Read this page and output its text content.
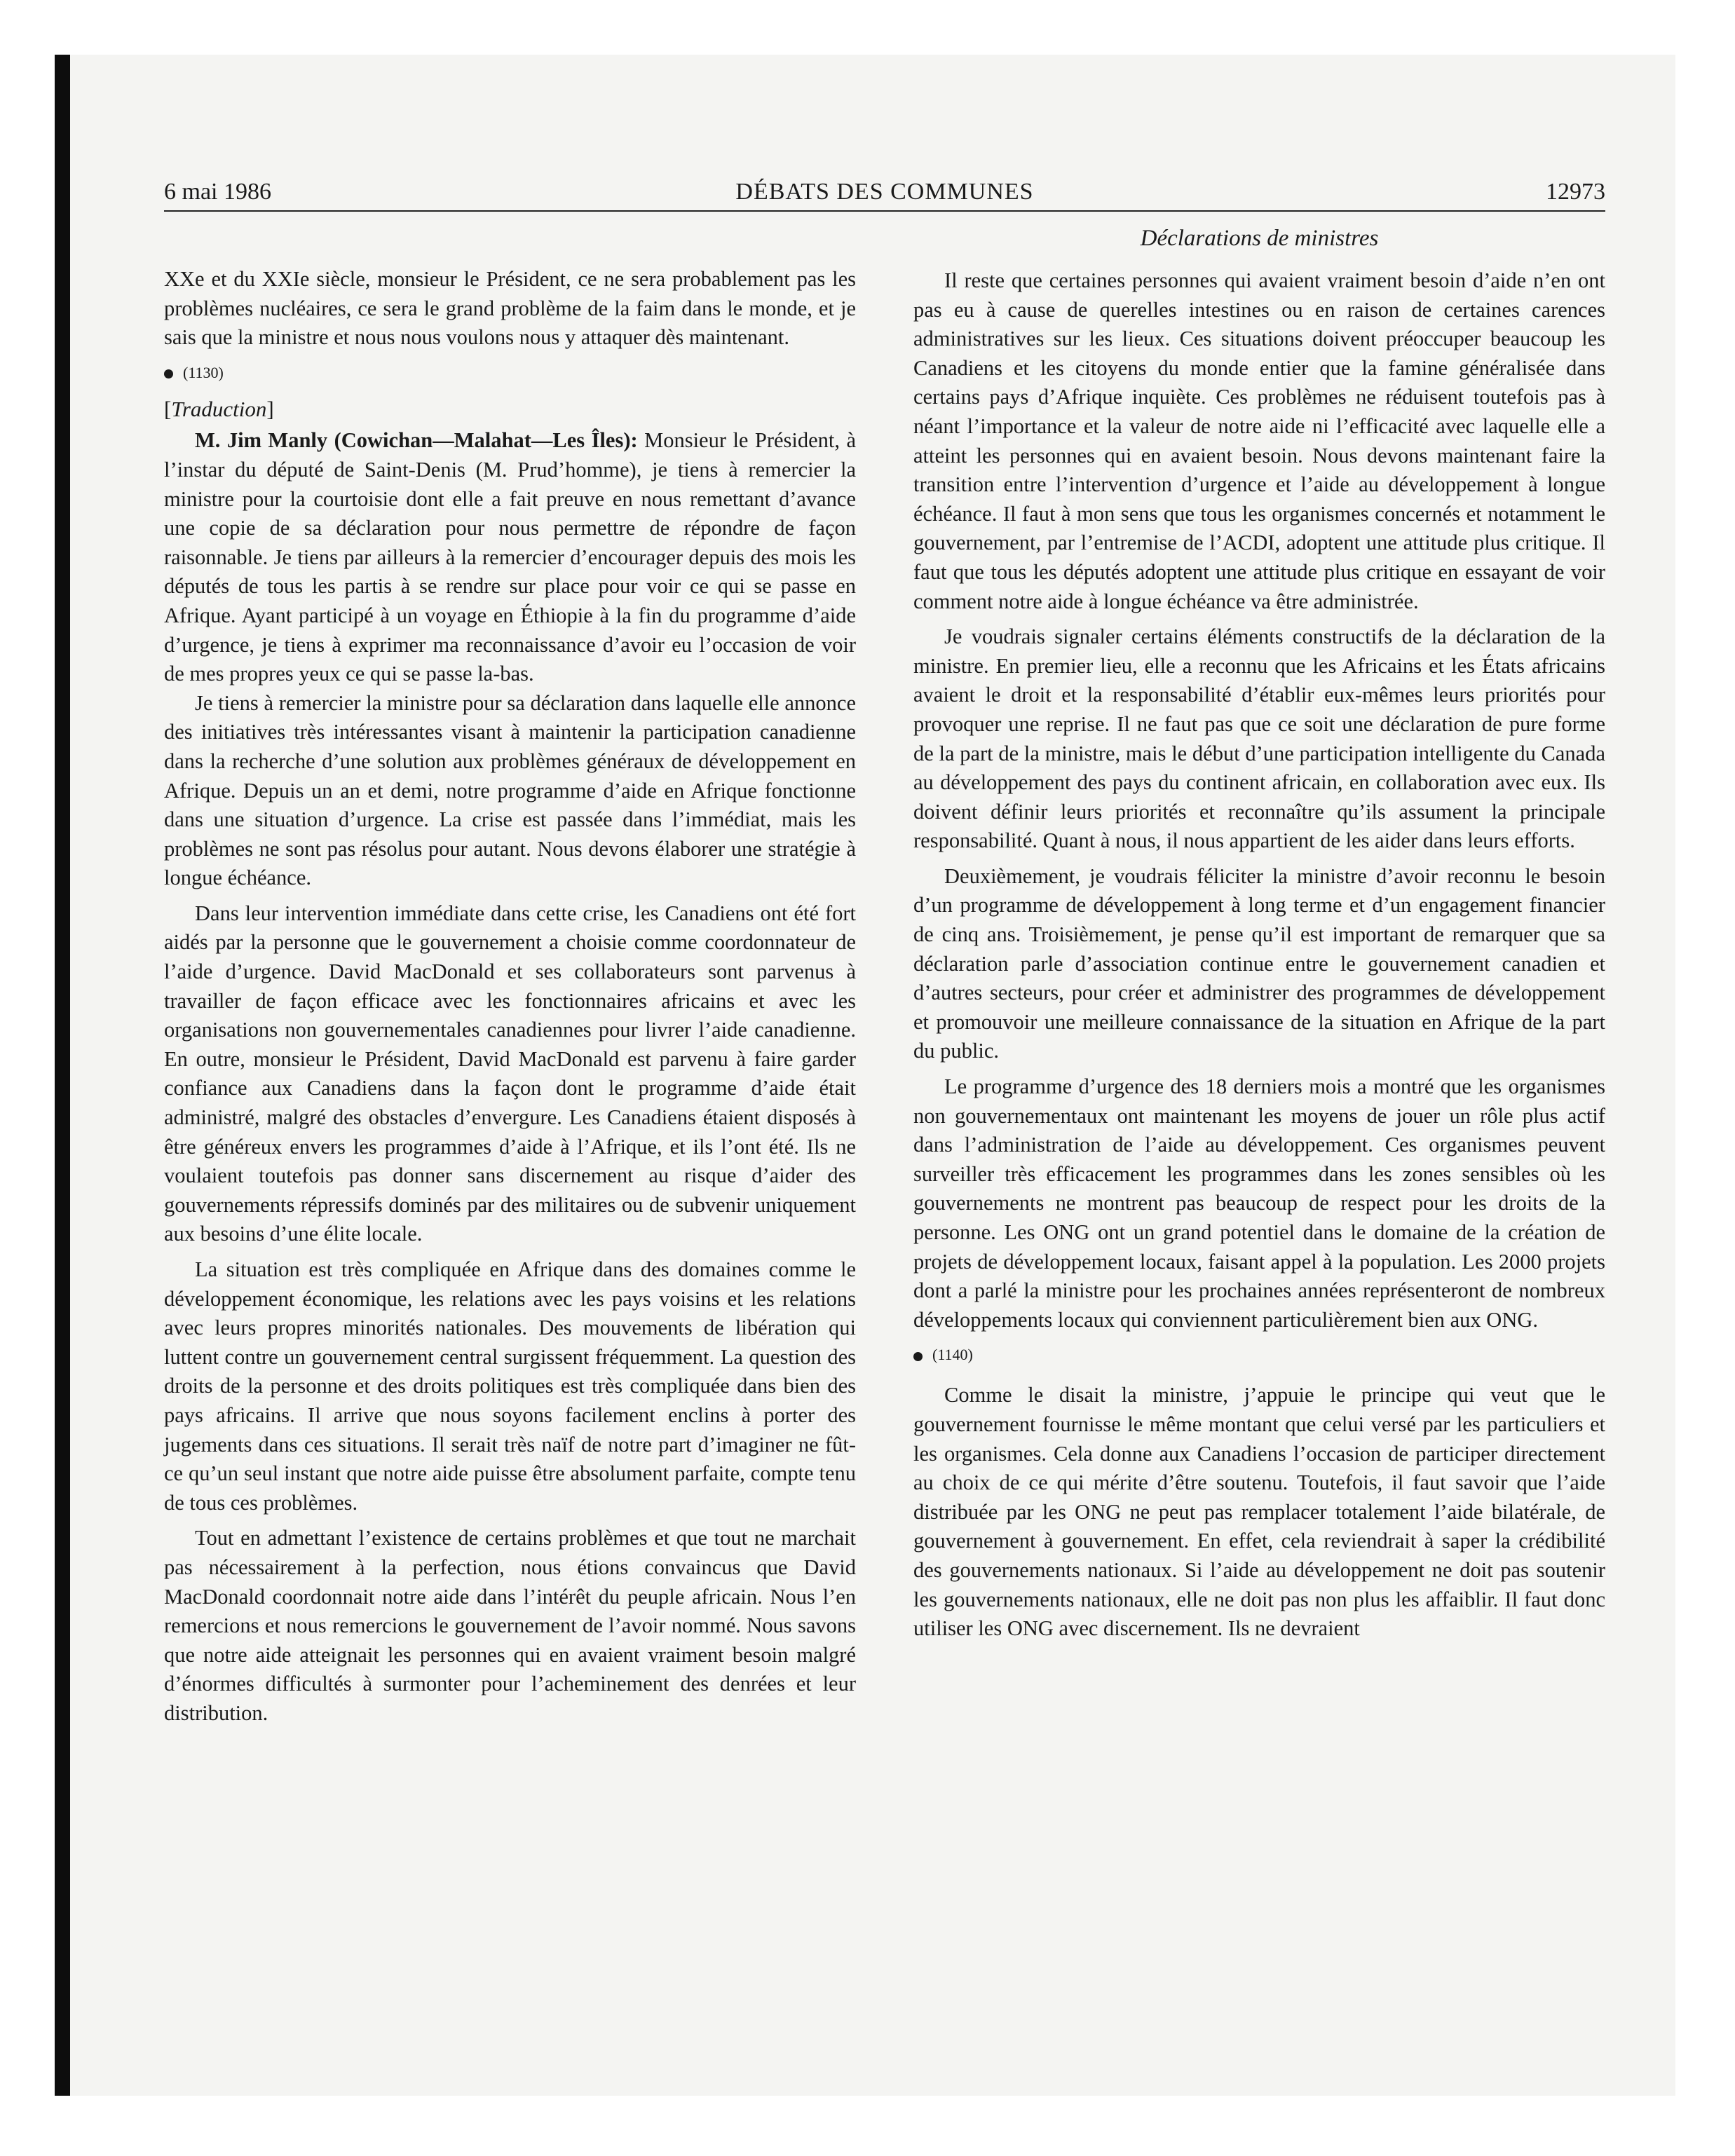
6 mai 1986	DÉBATS DES COMMUNES	12973
Déclarations de ministres

XXe et du XXIe siècle, monsieur le Président, ce ne sera probablement pas les problèmes nucléaires, ce sera le grand problème de la faim dans le monde, et je sais que la ministre et nous nous voulons nous y attaquer dès maintenant.

(1130)
[Traduction]

M. Jim Manly (Cowichan—Malahat—Les Îles): Monsieur le Président, à l’instar du député de Saint-Denis (M. Prud’homme), je tiens à remercier la ministre pour la courtoisie dont elle a fait preuve en nous remettant d’avance une copie de sa déclaration pour nous permettre de répondre de façon raisonnable. Je tiens par ailleurs à la remercier d’encourager depuis des mois les députés de tous les partis à se rendre sur place pour voir ce qui se passe en Afrique. Ayant participé à un voyage en Éthiopie à la fin du programme d’aide d’urgence, je tiens à exprimer ma reconnaissance d’avoir eu l’occasion de voir de mes propres yeux ce qui se passe la-bas.

Je tiens à remercier la ministre pour sa déclaration dans laquelle elle annonce des initiatives très intéressantes visant à maintenir la participation canadienne dans la recherche d’une solution aux problèmes généraux de développement en Afrique. Depuis un an et demi, notre programme d’aide en Afrique fonctionne dans une situation d’urgence. La crise est passée dans l’immédiat, mais les problèmes ne sont pas résolus pour autant. Nous devons élaborer une stratégie à longue échéance.

Dans leur intervention immédiate dans cette crise, les Canadiens ont été fort aidés par la personne que le gouvernement a choisie comme coordonnateur de l’aide d’urgence. David MacDonald et ses collaborateurs sont parvenus à travailler de façon efficace avec les fonctionnaires africains et avec les organisations non gouvernementales canadiennes pour livrer l’aide canadienne. En outre, monsieur le Président, David MacDonald est parvenu à faire garder confiance aux Canadiens dans la façon dont le programme d’aide était administré, malgré des obstacles d’envergure. Les Canadiens étaient disposés à être généreux envers les programmes d’aide à l’Afrique, et ils l’ont été. Ils ne voulaient toutefois pas donner sans discernement au risque d’aider des gouvernements répressifs dominés par des militaires ou de subvenir uniquement aux besoins d’une élite locale.

La situation est très compliquée en Afrique dans des domaines comme le développement économique, les relations avec les pays voisins et les relations avec leurs propres minorités nationales. Des mouvements de libération qui luttent contre un gouvernement central surgissent fréquemment. La question des droits de la personne et des droits politiques est très compliquée dans bien des pays africains. Il arrive que nous soyons facilement enclins à porter des jugements dans ces situations. Il serait très naïf de notre part d’imaginer ne fût-ce qu’un seul instant que notre aide puisse être absolument parfaite, compte tenu de tous ces problèmes.

Tout en admettant l’existence de certains problèmes et que tout ne marchait pas nécessairement à la perfection, nous étions convaincus que David MacDonald coordonnait notre aide dans l’intérêt du peuple africain. Nous l’en remercions et nous remercions le gouvernement de l’avoir nommé. Nous savons que notre aide atteignait les personnes qui en avaient vraiment besoin malgré d’énormes difficultés à surmonter pour l’acheminement des denrées et leur distribution.

Il reste que certaines personnes qui avaient vraiment besoin d’aide n’en ont pas eu à cause de querelles intestines ou en raison de certaines carences administratives sur les lieux. Ces situations doivent préoccuper beaucoup les Canadiens et les citoyens du monde entier que la famine généralisée dans certains pays d’Afrique inquiète. Ces problèmes ne réduisent toutefois pas à néant l’importance et la valeur de notre aide ni l’efficacité avec laquelle elle a atteint les personnes qui en avaient besoin. Nous devons maintenant faire la transition entre l’intervention d’urgence et l’aide au développement à longue échéance. Il faut à mon sens que tous les organismes concernés et notamment le gouvernement, par l’entremise de l’ACDI, adoptent une attitude plus critique. Il faut que tous les députés adoptent une attitude plus critique en essayant de voir comment notre aide à longue échéance va être administrée.

Je voudrais signaler certains éléments constructifs de la déclaration de la ministre. En premier lieu, elle a reconnu que les Africains et les États africains avaient le droit et la responsabilité d’établir eux-mêmes leurs priorités pour provoquer une reprise. Il ne faut pas que ce soit une déclaration de pure forme de la part de la ministre, mais le début d’une participation intelligente du Canada au développement des pays du continent africain, en collaboration avec eux. Ils doivent définir leurs priorités et reconnaître qu’ils assument la principale responsabilité. Quant à nous, il nous appartient de les aider dans leurs efforts.

Deuxièmement, je voudrais féliciter la ministre d’avoir reconnu le besoin d’un programme de développement à long terme et d’un engagement financier de cinq ans. Troisièmement, je pense qu’il est important de remarquer que sa déclaration parle d’association continue entre le gouvernement canadien et d’autres secteurs, pour créer et administrer des programmes de développement et promouvoir une meilleure connaissance de la situation en Afrique de la part du public.

Le programme d’urgence des 18 derniers mois a montré que les organismes non gouvernementaux ont maintenant les moyens de jouer un rôle plus actif dans l’administration de l’aide au développement. Ces organismes peuvent surveiller très efficacement les programmes dans les zones sensibles où les gouvernements ne montrent pas beaucoup de respect pour les droits de la personne. Les ONG ont un grand potentiel dans le domaine de la création de projets de développement locaux, faisant appel à la population. Les 2000 projets dont a parlé la ministre pour les prochaines années représenteront de nombreux développements locaux qui conviennent particulièrement bien aux ONG.

(1140)

Comme le disait la ministre, j’appuie le principe qui veut que le gouvernement fournisse le même montant que celui versé par les particuliers et les organismes. Cela donne aux Canadiens l’occasion de participer directement au choix de ce qui mérite d’être soutenu. Toutefois, il faut savoir que l’aide distribuée par les ONG ne peut pas remplacer totalement l’aide bilatérale, de gouvernement à gouvernement. En effet, cela reviendrait à saper la crédibilité des gouvernements nationaux. Si l’aide au développement ne doit pas soutenir les gouvernements nationaux, elle ne doit pas non plus les affaiblir. Il faut donc utiliser les ONG avec discernement. Ils ne devraient
